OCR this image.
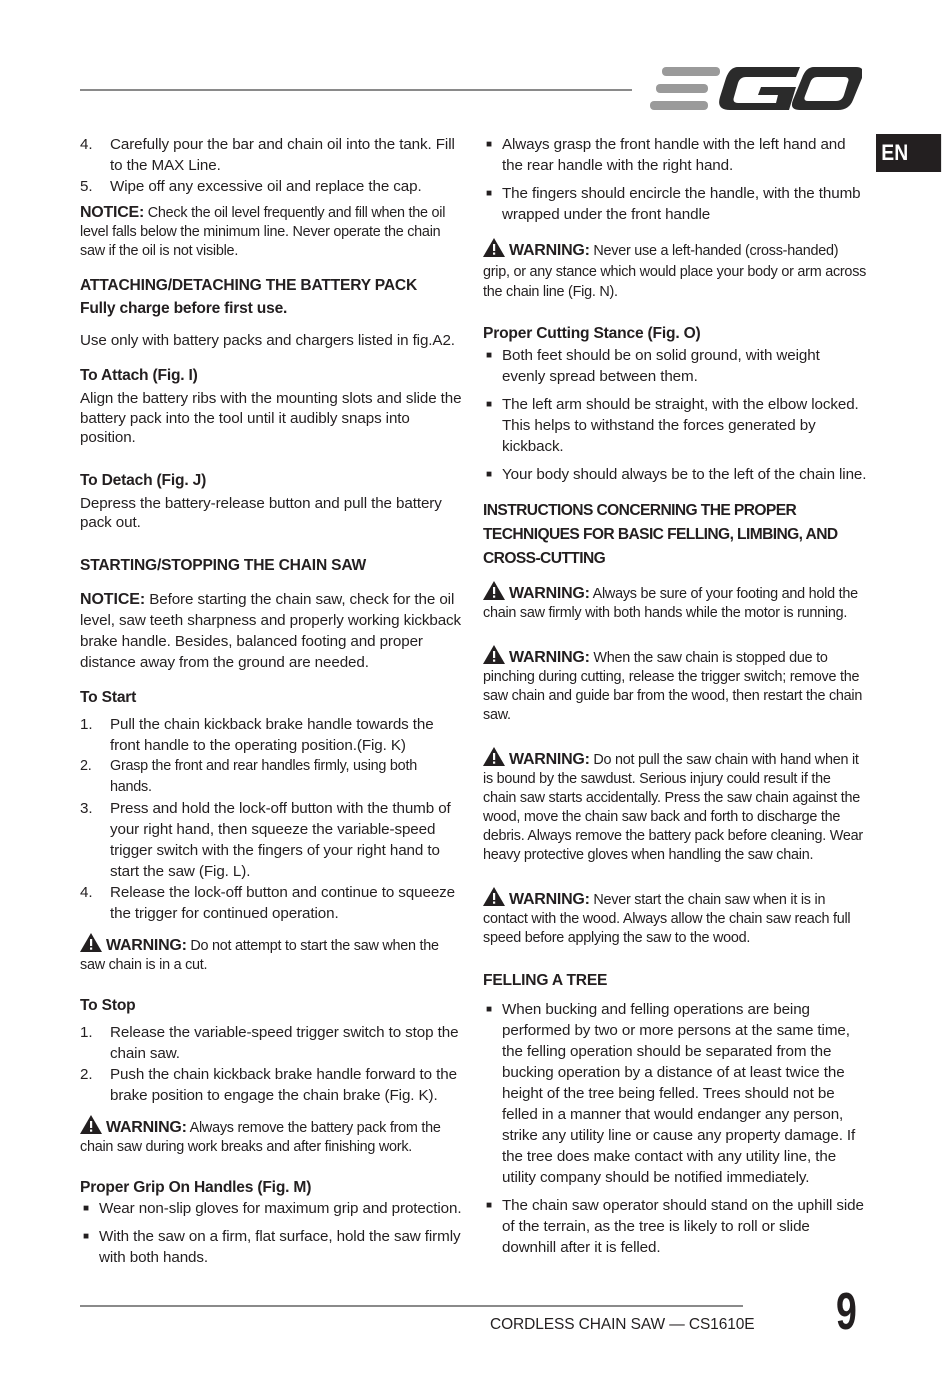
EN
4.	Carefully pour the bar and chain oil into the tank. Fill to the MAX Line.
5.	Wipe off any excessive oil and replace the cap.
NOTICE: Check the oil level frequently and fill when the oil level falls below the minimum line. Never operate the chain saw if the oil is not visible.
ATTACHING/DETACHING THE BATTERY PACK
Fully charge before first use.
Use only with battery packs and chargers listed in fig.A2.
To Attach (Fig. I)
Align the battery ribs with the mounting slots and slide the battery pack into the tool until it audibly snaps into position.
To Detach (Fig. J)
Depress the battery-release button and pull the battery pack out.
STARTING/STOPPING THE CHAIN SAW
NOTICE: Before starting the chain saw, check for the oil level, saw teeth sharpness and properly working kickback brake handle. Besides, balanced footing and proper distance away from the ground are needed.
To Start
1.	Pull the chain kickback brake handle towards the front handle to the operating position.(Fig. K)
2.	Grasp the front and rear handles firmly, using both hands.
3.	Press and hold the lock-off button with the thumb of your right hand, then squeeze the variable-speed trigger switch with the fingers of your right hand to start the saw (Fig. L).
4.	Release the lock-off button and continue to squeeze the trigger for continued operation.
WARNING: Do not attempt to start the saw when the saw chain is in a cut.
To Stop
1.	Release the variable-speed trigger switch to stop the chain saw.
2.	Push the chain kickback brake handle forward to the brake position to engage the chain brake (Fig. K).
WARNING: Always remove the battery pack from the chain saw during work breaks and after finishing work.
Proper Grip On Handles (Fig. M)
■ Wear non-slip gloves for maximum grip and protection.
■ With the saw on a firm, flat surface, hold the saw firmly with both hands.
■ Always grasp the front handle with the left hand and the rear handle with the right hand.
■ The fingers should encircle the handle, with the thumb wrapped under the front handle
WARNING: Never use a left-handed (cross-handed) grip, or any stance which would place your body or arm across the chain line (Fig. N).
Proper Cutting Stance (Fig. O)
■ Both feet should be on solid ground, with weight evenly spread between them.
■ The left arm should be straight, with the elbow locked. This helps to withstand the forces generated by kickback.
■ Your body should always be to the left of the chain line.
INSTRUCTIONS CONCERNING THE PROPER TECHNIQUES FOR BASIC FELLING, LIMBING, AND CROSS-CUTTING
WARNING: Always be sure of your footing and hold the chain saw firmly with both hands while the motor is running.
WARNING: When the saw chain is stopped due to pinching during cutting, release the trigger switch; remove the saw chain and guide bar from the wood, then restart the chain saw.
WARNING: Do not pull the saw chain with hand when it is bound by the sawdust. Serious injury could result if the chain saw starts accidentally. Press the saw chain against the wood, move the chain saw back and forth to discharge the debris. Always remove the battery pack before cleaning. Wear heavy protective gloves when handling the saw chain.
WARNING: Never start the chain saw when it is in contact with the wood. Always allow the chain saw reach full speed before applying the saw to the wood.
FELLING A TREE
■ When bucking and felling operations are being performed by two or more persons at the same time, the felling operation should be separated from the bucking operation by a distance of at least twice the height of the tree being felled. Trees should not be felled in a manner that would endanger any person, strike any utility line or cause any property damage. If the tree does make contact with any utility line, the utility company should be notified immediately.
■ The chain saw operator should stand on the uphill side of the terrain, as the tree is likely to roll or slide downhill after it is felled.
CORDLESS CHAIN SAW — CS1610E 9
